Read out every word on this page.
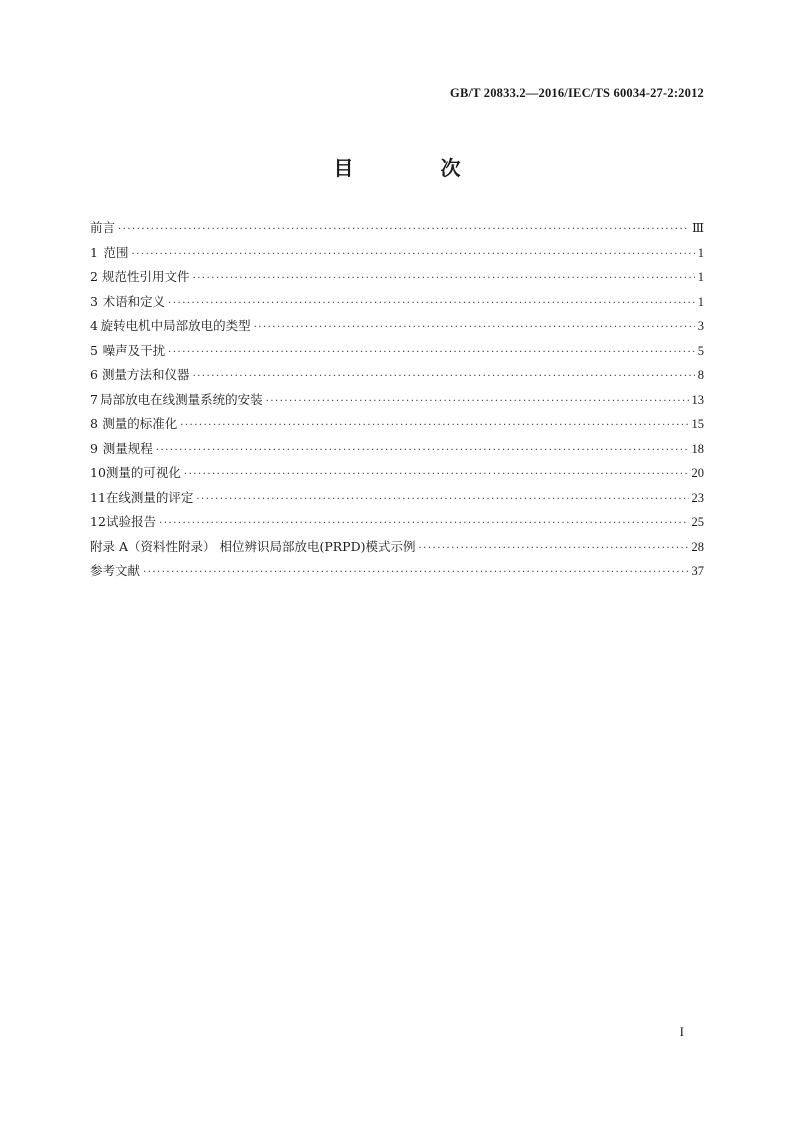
GB/T 20833.2—2016/IEC/TS 60034-27-2:2012
目 次
前言 ·····	Ⅲ
1 范围 ·····	1
2 规范性引用文件 ·····	1
3 术语和定义 ·····	1
4 旋转电机中局部放电的类型 ·····	3
5 噪声及干扰 ·····	5
6 测量方法和仪器 ·····	8
7 局部放电在线测量系统的安装 ·····	13
8 测量的标准化 ·····	15
9 测量规程 ·····	18
10 测量的可视化 ·····	20
11 在线测量的评定 ·····	23
12 试验报告 ·····	25
附录 A（资料性附录） 相位辨识局部放电(PRPD)模式示例 ·····	28
参考文献 ·····	37
I
